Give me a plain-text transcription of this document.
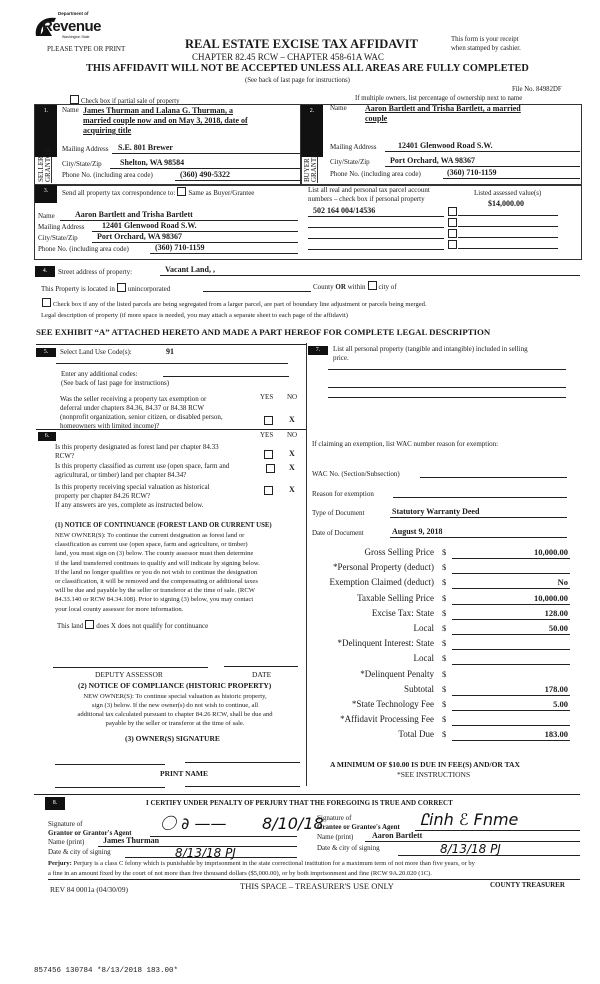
Department of
Revenue
Washington State
PLEASE TYPE OR PRINT	REAL ESTATE EXCISE TAX AFFIDAVIT
CHAPTER 82.45 RCW – CHAPTER 458-61A WAC
This form is your receipt
when stamped by cashier.
THIS AFFIDAVIT WILL NOT BE ACCEPTED UNLESS ALL AREAS ARE FULLY COMPLETED
(See back of last page for instructions)
File No. 84982DF
Check box if partial sale of property	If multiple owners, list percentage of ownership next to name
1.	2.
SELLER GRANTOR	BUYER GRANTEE
Name James Thurman and Lalana G. Thurman, a
married couple now and on May 3, 2018, date of
acquiring title
Mailing Address S.E. 801 Brewer
City/State/Zip Shelton, WA 98584
Phone No. (including area code)	(360) 490-5322
Name Aaron Bartlett and Trisha Bartlett, a married
couple
Mailing Address	12401 Glenwood Road S.W.
City/State/Zip	Port Orchard, WA 98367
Phone No. (including area code)	(360) 710-1159
3.	Send all property tax correspondence to: Same as Buyer/Grantee
Name	Aaron Bartlett and Trisha Bartlett
Mailing Address 12401 Glenwood Road S.W.
City/State/Zip Port Orchard, WA 98367
Phone No. (including area code)	(360) 710-1159
List all real and personal tax parcel account
numbers – check box if personal property
Listed assessed value(s)
$14,000.00
502 164 004/14536
4.	Street address of property:	Vacant Land, ,
This Property is located in unincorporated	County OR within city of
Check box if any of the listed parcels are being segregated from a larger parcel, are part of boundary line adjustment or parcels being merged.
Legal description of property (if more space is needed, you may attach a separate sheet to each page of the affidavit)
SEE EXHIBIT “A” ATTACHED HERETO AND MADE A PART HEREOF FOR COMPLETE LEGAL DESCRIPTION
5.	Select Land Use Code(s):	91
Enter any additional codes:
(See back of last page for instructions)
YES NO
Was the seller receiving a property tax exemption or
deferral under chapters 84.36, 84.37 or 84.38 RCW
(nonprofit organization, senior citizen, or disabled person,
homeowners with limited income)?
X
6.	YES NO
Is this property designated as forest land per chapter 84.33
RCW?	X
Is this property classified as current use (open space, farm and
agricultural, or timber) land per chapter 84.34?
X
Is this property receiving special valuation as historical
property per chapter 84.26 RCW?
X
If any answers are yes, complete as instructed below.
(1) NOTICE OF CONTINUANCE (FOREST LAND OR CURRENT USE)
NEW OWNER(S): To continue the current designation as forest land or
classification as current use (open space, farm and agriculture, or timber)
land, you must sign on (3) below. The county assessor must then determine
if the land transferred continues to qualify and will indicate by signing below.
If the land no longer qualifies or you do not wish to continue the designation
or classification, it will be removed and the compensating or additional taxes
will be due and payable by the seller or transferor at the time of sale. (RCW
84.33.140 or RCW 84.34.108). Prior to signing (3) below, you may contact
your local county assessor for more information.
This land does X does not qualify for continuance
DEPUTY ASSESSOR	DATE
(2) NOTICE OF COMPLIANCE (HISTORIC PROPERTY)
NEW OWNER(S): To continue special valuation as historic property,
sign (3) below. If the new owner(s) do not wish to continue, all
additional tax calculated pursuant to chapter 84.26 RCW, shall be due and
payable by the seller or transferor at the time of sale.
(3) OWNER(S) SIGNATURE
PRINT NAME
7.	List all personal property (tangible and intangible) included in selling
price.
If claiming an exemption, list WAC number reason for exemption:
WAC No. (Section/Subsection)
Reason for exemption
Type of Document	Statutory Warranty Deed
Date of Document	August 9, 2018
Gross Selling Price $	10,000.00
*Personal Property (deduct) $
Exemption Claimed (deduct) $	No
Taxable Selling Price $	10,000.00
Excise Tax: State $	128.00
Local $	50.00
*Delinquent Interest: State $
Local $
*Delinquent Penalty $
Subtotal $	178.00
*State Technology Fee $	5.00
*Affidavit Processing Fee $
Total Due $	183.00
A MINIMUM OF $10.00 IS DUE IN FEE(S) AND/OR TAX
*SEE INSTRUCTIONS
8.	I CERTIFY UNDER PENALTY OF PERJURY THAT THE FOREGOING IS TRUE AND CORRECT
Signature of
Grantor or Grantor's Agent 〇 ∂ —— 8/10/18
Name (print) James Thurman
Date & city of signing	8/13/18 PJ
Signature of
Grantee or Grantee's Agent Ꮭinh ℰ Fnme
Name (print) Aaron Bartlett
Date & city of signing	8/13/18 PJ
Perjury: Perjury is a class C felony which is punishable by imprisonment in the state correctional institution for a maximum term of not more than five years, or by
a fine in an amount fixed by the court of not more than five thousand dollars ($5,000.00), or by both imprisonment and fine (RCW 9A.20.020 (1C).
REV 84 0001a (04/30/09)	THIS SPACE – TREASURER'S USE ONLY	COUNTY TREASURER
857456 130784 *8/13/2018 183.00*
